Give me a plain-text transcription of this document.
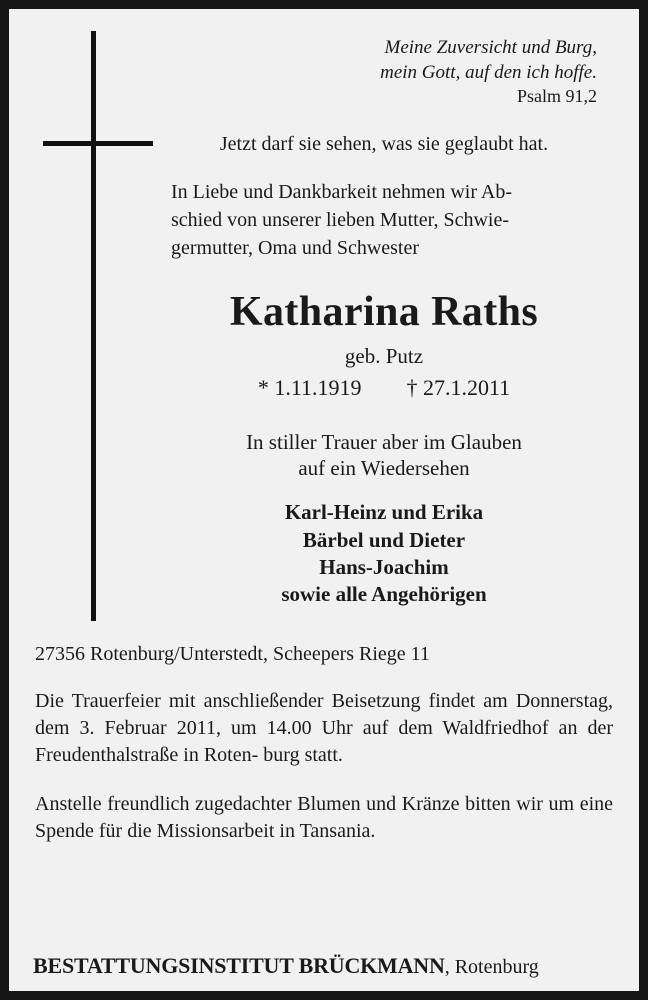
Meine Zuversicht und Burg,
mein Gott, auf den ich hoffe.
Psalm 91,2
Jetzt darf sie sehen, was sie geglaubt hat.
In Liebe und Dankbarkeit nehmen wir Ab-
schied von unserer lieben Mutter, Schwie-
germutter, Oma und Schwester
Katharina Raths
geb. Putz
* 1.11.1919 † 27.1.2011
In stiller Trauer aber im Glauben
auf ein Wiedersehen
Karl-Heinz und Erika
Bärbel und Dieter
Hans-Joachim
sowie alle Angehörigen
27356 Rotenburg/Unterstedt, Scheepers Riege 11
Die Trauerfeier mit anschließender Beisetzung findet am Donnerstag, dem 3. Februar 2011, um 14.00 Uhr auf dem Waldfriedhof an der Freudenthalstraße in Roten- burg statt.
Anstelle freundlich zugedachter Blumen und Kränze bitten wir um eine Spende für die Missionsarbeit in Tansania.
BESTATTUNGSINSTITUT BRÜCKMANN, Rotenburg
